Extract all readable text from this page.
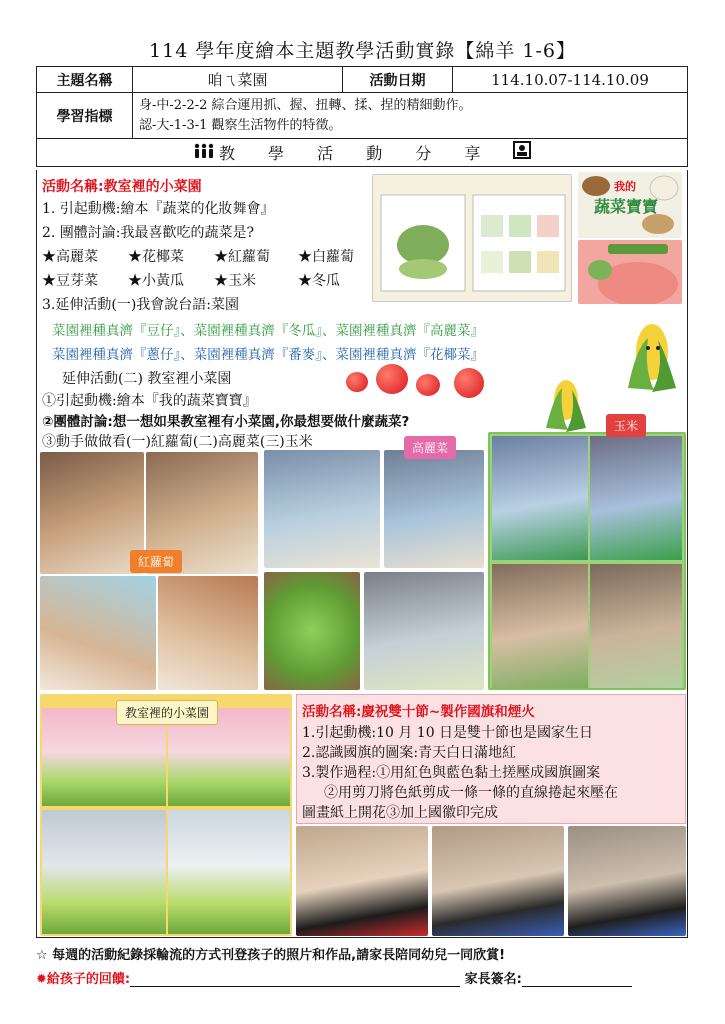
114 學年度繪本主題教學活動實錄【綿羊 1-6】
主題名稱	咱ㄟ菜園	活動日期	114.10.07-114.10.09
學習指標	身-中-2-2-2 綜合運用抓、握、扭轉、揉、捏的精細動作。
認-大-1-3-1 觀察生活物件的特徵。		

教 學 活 動 分 享			
活動名稱:教室裡的小菜園
1. 引起動機:繪本『蔬菜的化妝舞會』
2. 團體討論:我最喜歡吃的蔬菜是?
★高麗菜 ★花椰菜 ★紅蘿蔔 ★白蘿蔔
★豆芽菜 ★小黃瓜 ★玉米	★冬瓜
3.延伸活動(一)我會說台語:菜園
菜園裡種真濟『豆仔』、菜園裡種真濟『冬瓜』、菜園裡種真濟『高麗菜』
菜園裡種真濟『蔥仔』、菜園裡種真濟『番麥』、菜園裡種真濟『花椰菜』
延伸活動(二) 教室裡小菜園
①引起動機:繪本『我的蔬菜寶寶』
②團體討論:想一想如果教室裡有小菜園,你最想要做什麼蔬菜?
③動手做做看(一)紅蘿蔔(二)高麗菜(三)玉米
我的
蔬菜寶寶
紅蘿蔔
高麗菜
玉米
教室裡的小菜園	活動名稱:慶祝雙十節~製作國旗和煙火
1.引起動機:10 月 10 日是雙十節也是國家生日
2.認識國旗的圖案:青天白日滿地紅
3.製作過程:①用紅色與藍色黏土搓壓成國旗圖案
②用剪刀將色紙剪成一條一條的直線捲起來壓在
圖畫紙上開花③加上國徽印完成
☆ 每週的活動紀錄採輪流的方式刊登孩子的照片和作品,請家長陪同幼兒一同欣賞!
✹給孩子的回饋:	家長簽名:
